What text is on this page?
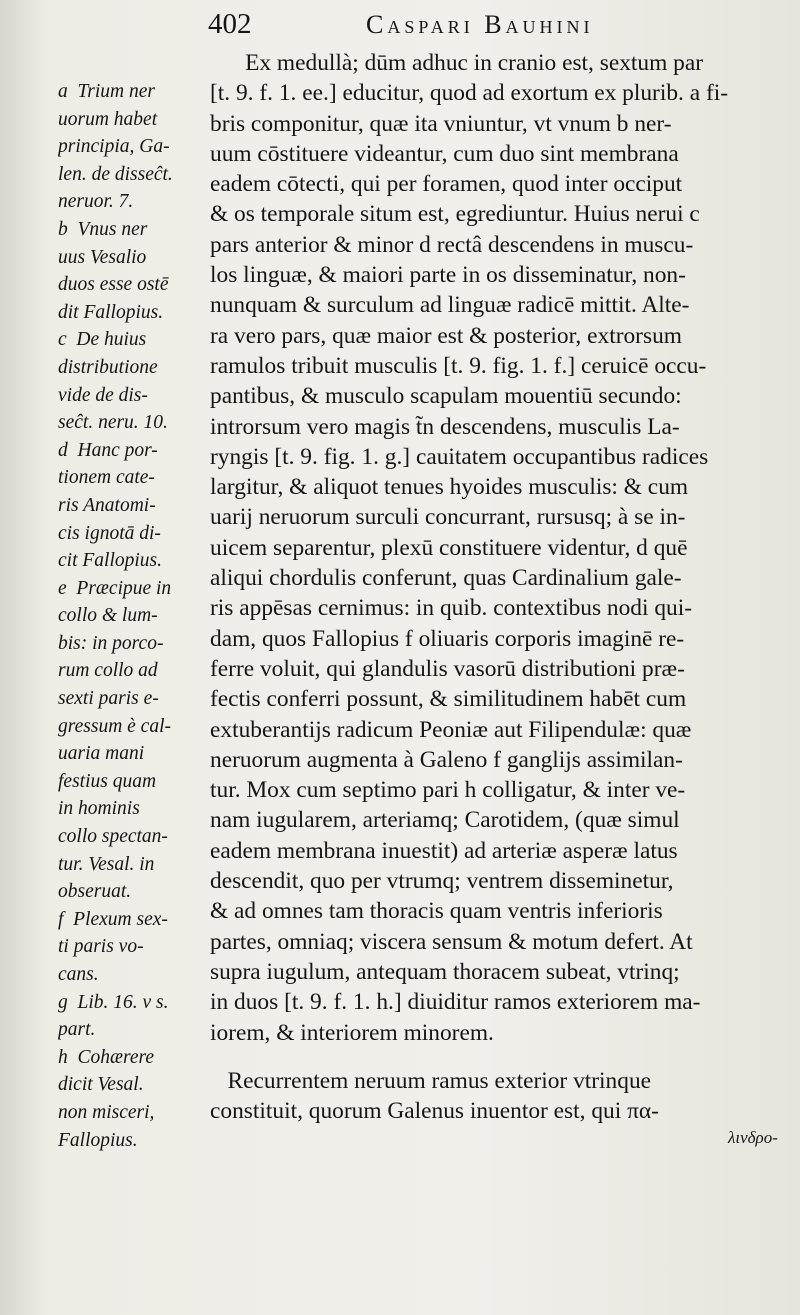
402	Caspari Bauhini
a  Trium ner
uorum habet
principia, Ga-
len. de disseĉt.
neruor. 7.
b  Vnus ner
uus Vesalio
duos esse ostē
dit Fallopius.
c  De huius
distributione
vide de dis-
seĉt. neru. 10.
d  Hanc por-
tionem cate-
ris Anatomi-
cis ignotā di-
cit Fallopius.
e  Præcipue in
collo & lum-
bis: in porco-
rum collo ad
sexti paris e-
gressum è cal-
uaria mani
festius quam
in hominis
collo spectan-
tur. Vesal. in
obseruat.
f  Plexum sex-
ti paris vo-
cans.
g  Lib. 16. v s.
part.
h  Cohærere
dicit Vesal.
non misceri,
Fallopius.
Ex medullà; dūm adhuc in cranio est, sextum par
[t. 9. f. 1. ee.] educitur, quod ad exortum ex plurib. a fi-
bris componitur, quæ ita vniuntur, vt vnum b ner-
uum cōstituere videantur, cum duo sint membrana
eadem cōtecti, qui per foramen, quod inter occiput
& os temporale situm est, egrediuntur. Huius nerui c
pars anterior & minor d rectâ descendens in muscu-
los linguæ, & maiori parte in os disseminatur, non-
nunquam & surculum ad linguæ radicē mittit. Alte-
ra vero pars, quæ maior est & posterior, extrorsum
ramulos tribuit musculis [t. 9. fig. 1. f.] ceruicē occu-
pantibus, & musculo scapulam mouentiū secundo:
introrsum vero magis t̃n descendens, musculis La-
ryngis [t. 9. fig. 1. g.] cauitatem occupantibus radices
largitur, & aliquot tenues hyoides musculis: & cum
uarij neruorum surculi concurrant, rursusq; à se in-
uicem separentur, plexū constituere videntur, d quē
aliqui chordulis conferunt, quas Cardinalium gale-
ris appēsas cernimus: in quib. contextibus nodi qui-
dam, quos Fallopius f oliuaris corporis imaginē re-
ferre voluit, qui glandulis vasorū distributioni præ-
fectis conferri possunt, & similitudinem habēt cum
extuberantijs radicum Peoniæ aut Filipendulæ: quæ
neruorum augmenta à Galeno f ganglijs assimilan-
tur. Mox cum septimo pari h colligatur, & inter ve-
nam iugularem, arteriamq; Carotidem, (quæ simul
eadem membrana inuestit) ad arteriæ asperæ latus
descendit, quo per vtrumq; ventrem disseminetur,
& ad omnes tam thoracis quam ventris inferioris
partes, omniaq; viscera sensum & motum defert. At
supra iugulum, antequam thoracem subeat, vtrinq;
in duos [t. 9. f. 1. h.] diuiditur ramos exteriorem ma-
iorem, & interiorem minorem.
Recurrentem neruum ramus exterior vtrinque
constituit, quorum Galenus inuentor est, qui πα-
λινδρο-
